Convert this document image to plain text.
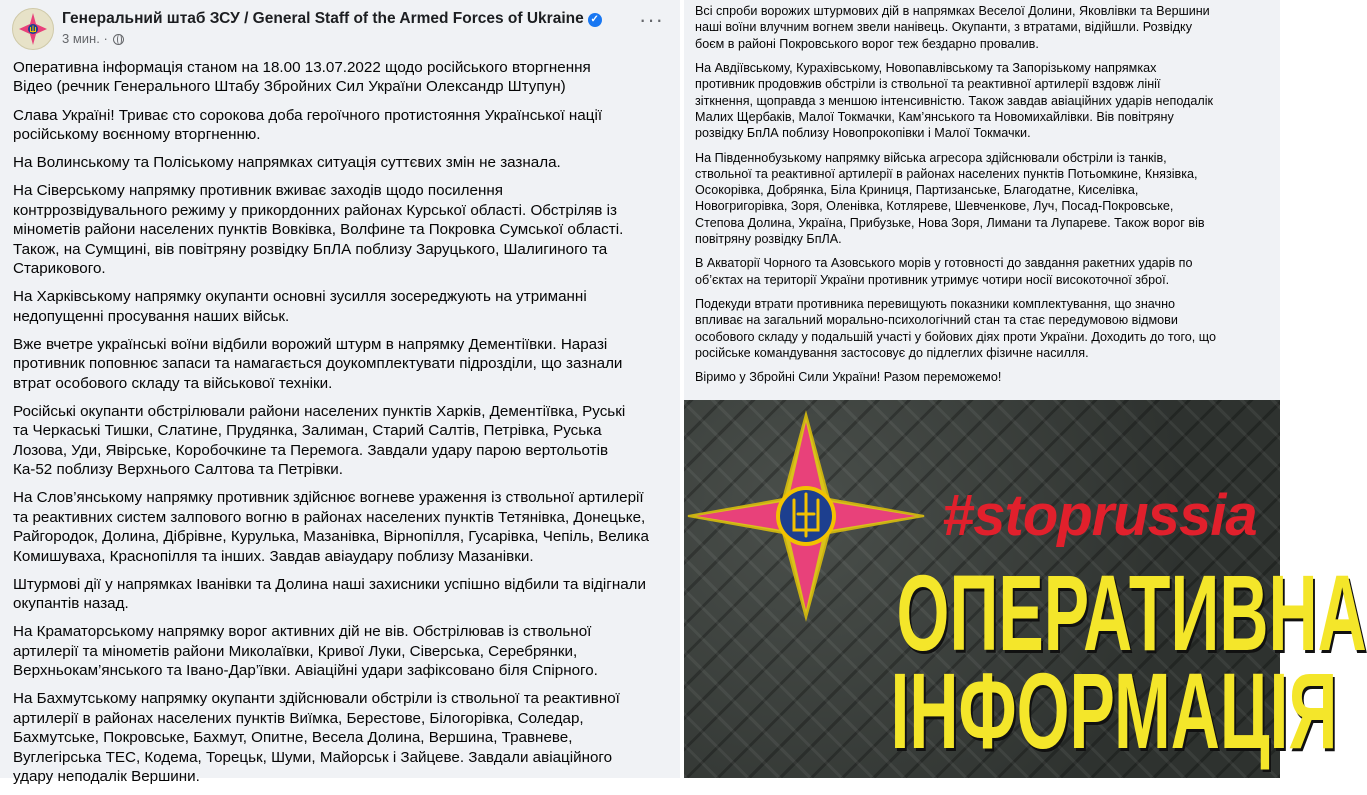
Генеральний штаб ЗСУ / General Staff of the Armed Forces of Ukraine ✓
3 мин. ·
···

Оперативна інформація станом на 18.00 13.07.2022 щодо російського вторгнення
Відео (речник Генерального Штабу Збройних Сил України Олександр Штупун)

Слава Україні! Триває сто сорокова доба героїчного протистояння Української нації
російському воєнному вторгненню.

На Волинському та Поліському напрямках ситуація суттєвих змін не зазнала.

На Сіверському напрямку противник вживає заходів щодо посилення
контррозвідувального режиму у прикордонних районах Курської області. Обстріляв із
мінометів райони населених пунктів Вовківка, Волфине та Покровка Сумської області.
Також, на Сумщині, вів повітряну розвідку БпЛА поблизу Заруцького, Шалигиного та
Старикового.

На Харківському напрямку окупанти основні зусилля зосереджують на утриманні
недопущенні просування наших військ.

Вже вчетре українські воїни відбили ворожий штурм в напрямку Дементіївки. Наразі
противник поповнює запаси та намагається доукомплектувати підрозділи, що зазнали
втрат особового складу та військової техніки.

Російські окупанти обстрілювали райони населених пунктів Харків, Дементіївка, Руські
та Черкаські Тишки, Слатине, Прудянка, Залиман, Старий Салтів, Петрівка, Руська
Лозова, Уди, Явірське, Коробочкине та Перемога. Завдали удару парою вертольотів
Ка-52 поблизу Верхнього Салтова та Петрівки.

На Слов’янському напрямку противник здійснює вогневе ураження із ствольної артилерії
та реактивних систем залпового вогню в районах населених пунктів Тетянівка, Донецьке,
Райгородок, Долина, Дібрівне, Курулька, Мазанівка, Вірнопілля, Гусарівка, Чепіль, Велика
Комишуваха, Краснопілля та інших. Завдав авіаудару поблизу Мазанівки.

Штурмові дії у напрямках Іванівки та Долина наші захисники успішно відбили та відігнали
окупантів назад.

На Краматорському напрямку ворог активних дій не вів. Обстрілював із ствольної
артилерії та мінометів райони Миколаївки, Кривої Луки, Сіверська, Серебрянки,
Верхньокам’янського та Івано-Дар’ївки. Авіаційні удари зафіксовано біля Спірного.

На Бахмутському напрямку окупанти здійснювали обстріли із ствольної та реактивної
артилерії в районах населених пунктів Виїмка, Берестове, Білогорівка, Соледар,
Бахмутське, Покровське, Бахмут, Опитне, Весела Долина, Вершина, Травневе,
Вуглегірська ТЕС, Кодема, Торецьк, Шуми, Майорськ і Зайцеве. Завдали авіаційного
удару неподалік Вершини.

Всі спроби ворожих штурмових дій в напрямках Веселої Долини, Яковлівки та Вершини
наші воїни влучним вогнем звели нанівець. Окупанти, з втратами, відійшли. Розвідку
боєм в районі Покровського ворог теж бездарно провалив.

На Авдіївському, Курахівському, Новопавлівському та Запорізькому напрямках
противник продовжив обстріли із ствольної та реактивної артилерії вздовж лінії
зіткнення, щоправда з меншою інтенсивністю. Також завдав авіаційних ударів неподалік
Малих Щербаків, Малої Токмачки, Кам’янського та Новомихайлівки. Вів повітряну
розвідку БпЛА поблизу Новопрокопівки і Малої Токмачки.

На Південнобузькому напрямку війська агресора здійснювали обстріли із танків,
ствольної та реактивної артилерії в районах населених пунктів Потьомкине, Князівка,
Осокорівка, Добрянка, Біла Криниця, Партизанське, Благодатне, Киселівка,
Новогригорівка, Зоря, Оленівка, Котляреве, Шевченкове, Луч, Посад-Покровське,
Степова Долина, Україна, Прибузьке, Нова Зоря, Лимани та Лупареве. Також ворог вів
повітряну розвідку БпЛА.

В Акваторії Чорного та Азовського морів у готовності до завдання ракетних ударів по
об’єктах на території України противник утримує чотири носії високоточної зброї.

Подекуди втрати противника перевищують показники комплектування, що значно
впливає на загальний морально-психологічний стан та стає передумовою відмови
особового складу у подальшій участі у бойових діях проти України. Доходить до того, що
російське командування застосовує до підлеглих фізичне насилля.

Віримо у Збройні Сили України! Разом переможемо!

#stoprussia
ОПЕРАТИВНА
ІНФОРМАЦІЯ
